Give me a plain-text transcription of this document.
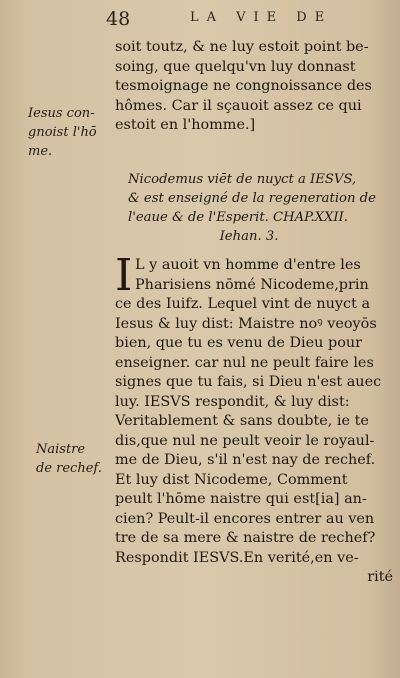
48	LA VIE DE
Iesus con-
gnoist l'hō
me.
Naistre
de rechef.
soit toutz, & ne luy estoit point be-
soing, que quelqu'vn luy donnast
tesmoignage ne congnoissance des
hômes. Car il sçauoit assez ce qui
estoit en l'homme.]
Nicodemus viēt de nuyct a IESVS,
& est enseigné de la regeneration de
l'eaue & de l'Esperit. CHAP.XXII.
Iehan. 3.
I L y auoit vn homme d'entre les
Pharisiens nōmé Nicodeme,prin
ce des Iuifz. Lequel vint de nuyct a
Iesus & luy dist: Maistre noꝰ veoyōs
bien, que tu es venu de Dieu pour
enseigner. car nul ne peult faire les
signes que tu fais, si Dieu n'est auec
luy. IESVS respondit, & luy dist:
Veritablement & sans doubte, ie te
dis,que nul ne peult veoir le royaul-
me de Dieu, s'il n'est nay de rechef.
Et luy dist Nicodeme, Comment
peult l'hōme naistre qui est[ia] an-
cien? Peult-il encores entrer au ven
tre de sa mere & naistre de rechef?
Respondit IESVS.En verité,en ve-
rité
